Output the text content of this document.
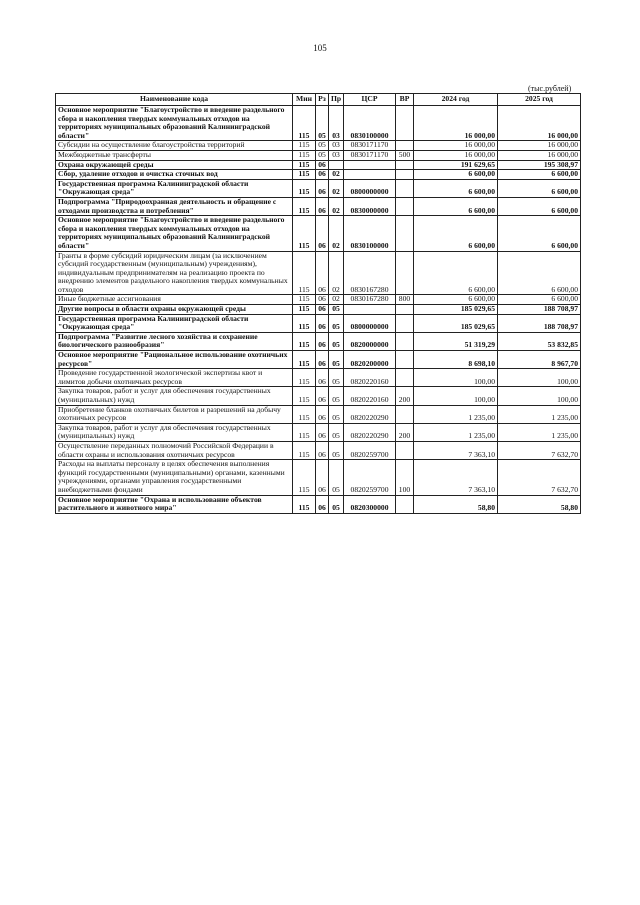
105
(тыс.рублей)
Наименование кода	Мин	Рз	Пр	ЦСР	ВР	2024 год	2025 год
Основное мероприятие "Благоустройство и введение раздельного сбора и накопления твердых коммунальных отходов на территориях муниципальных образований Калининградской области"	115	05	03	0830100000		16 000,00	16 000,00
Субсидии на осуществление благоустройства территорий	115	05	03	0830171170		16 000,00	16 000,00
Межбюджетные трансферты	115	05	03	0830171170	500	16 000,00	16 000,00
Охрана окружающей среды	115	06				191 629,65	195 308,97
Сбор, удаление отходов и очистка сточных вод	115	06	02			6 600,00	6 600,00
Государственная программа Калининградской области "Окружающая среда"	115	06	02	0800000000		6 600,00	6 600,00
Подпрограмма "Природоохранная деятельность и обращение с отходами производства и потребления"	115	06	02	0830000000		6 600,00	6 600,00
Основное мероприятие "Благоустройство и введение раздельного сбора и накопления твердых коммунальных отходов на территориях муниципальных образований Калининградской области"	115	06	02	0830100000		6 600,00	6 600,00
Гранты в форме субсидий юридическим лицам (за исключением субсидий государственным (муниципальным) учреждениям), индивидуальным предпринимателям на реализацию проекта по внедрению элементов раздельного накопления твердых коммунальных отходов	115	06	02	0830167280		6 600,00	6 600,00
Иные бюджетные ассигнования	115	06	02	0830167280	800	6 600,00	6 600,00
Другие вопросы в области охраны окружающей среды	115	06	05			185 029,65	188 708,97
Государственная программа Калининградской области "Окружающая среда"	115	06	05	0800000000		185 029,65	188 708,97
Подпрограмма "Развитие лесного хозяйства и сохранение биологического разнообразия"	115	06	05	0820000000		51 319,29	53 832,85
Основное мероприятие "Рациональное использование охотничьих ресурсов"	115	06	05	0820200000		8 698,10	8 967,70
Проведение государственной экологической экспертизы квот и лимитов добычи охотничьих ресурсов	115	06	05	0820220160		100,00	100,00
Закупка товаров, работ и услуг для обеспечения государственных (муниципальных) нужд	115	06	05	0820220160	200	100,00	100,00
Приобретение бланков охотничьих билетов и разрешений на добычу охотничьих ресурсов	115	06	05	0820220290		1 235,00	1 235,00
Закупка товаров, работ и услуг для обеспечения государственных (муниципальных) нужд	115	06	05	0820220290	200	1 235,00	1 235,00
Осуществление переданных полномочий Российской Федерации в области охраны и использования охотничьих ресурсов	115	06	05	0820259700		7 363,10	7 632,70
Расходы на выплаты персоналу в целях обеспечения выполнения функций государственными (муниципальными) органами, казенными учреждениями, органами управления государственными внебюджетными фондами	115	06	05	0820259700	100	7 363,10	7 632,70
Основное мероприятие "Охрана и использование объектов растительного и животного мира"	115	06	05	0820300000		58,80	58,80
